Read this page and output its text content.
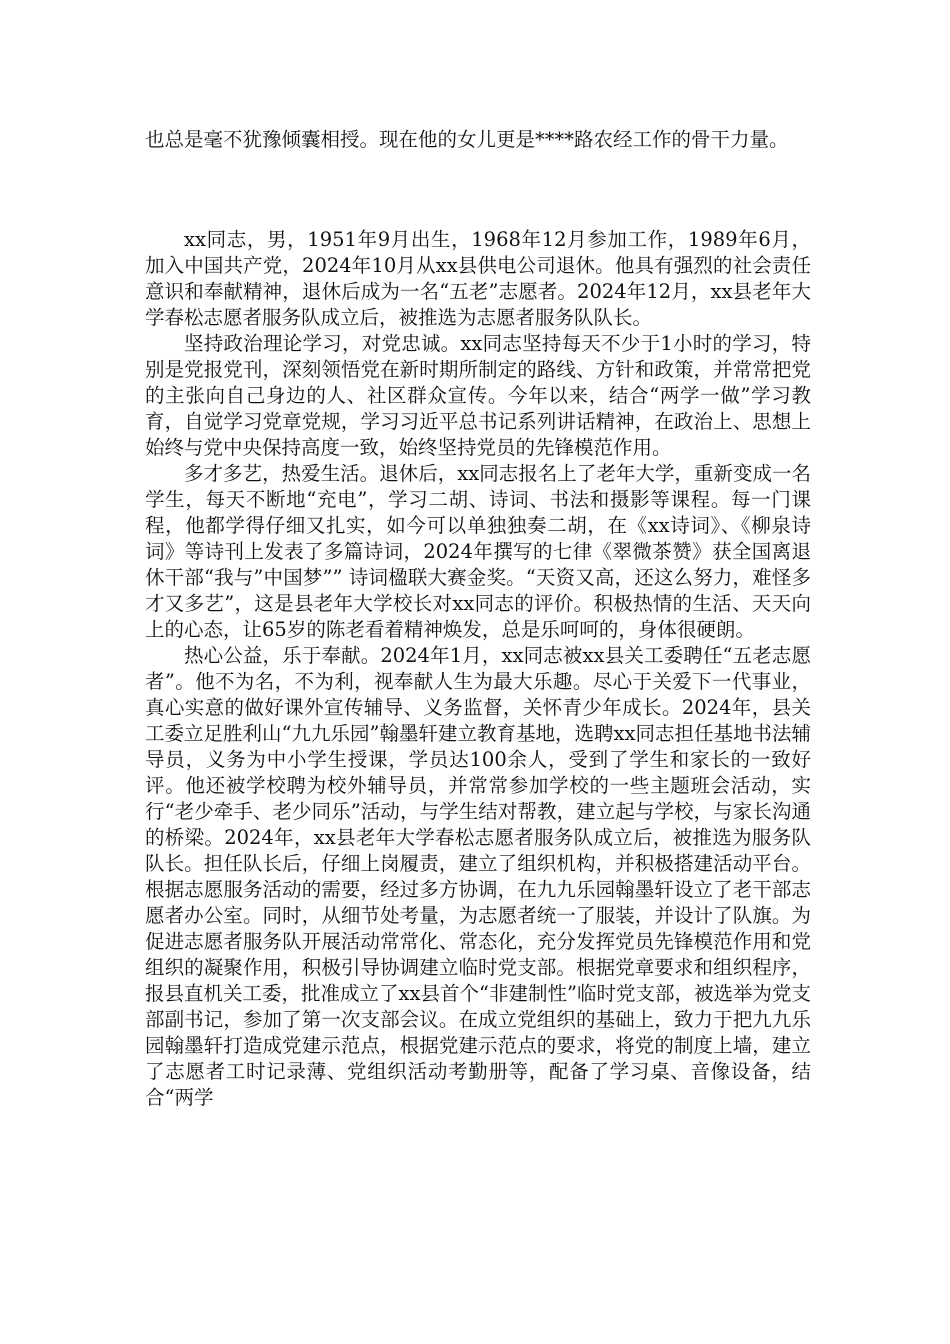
也总是毫不犹豫倾囊相授。现在他的女儿更是****路农经工作的骨干力量。

xx同志，男，1951年9月出生，1968年12月参加工作，1989年6月，加入中国共产党，2024年10月从xx县供电公司退休。他具有强烈的社会责任意识和奉献精神，退休后成为一名“五老”志愿者。2024年12月，xx县老年大学春松志愿者服务队成立后，被推选为志愿者服务队队长。

坚持政治理论学习，对党忠诚。xx同志坚持每天不少于1小时的学习，特别是党报党刊，深刻领悟党在新时期所制定的路线、方针和政策，并常常把党的主张向自己身边的人、社区群众宣传。今年以来，结合“两学一做”学习教育，自觉学习党章党规，学习习近平总书记系列讲话精神，在政治上、思想上始终与党中央保持高度一致，始终坚持党员的先锋模范作用。

多才多艺，热爱生活。退休后，xx同志报名上了老年大学，重新变成一名学生，每天不断地“充电”，学习二胡、诗词、书法和摄影等课程。每一门课程，他都学得仔细又扎实，如今可以单独独奏二胡，在《xx诗词》、《柳泉诗词》等诗刊上发表了多篇诗词，2024年撰写的七律《翠微茶赞》获全国离退休干部“我与”中国梦”” 诗词楹联大赛金奖。“天资又高，还这么努力，难怪多才又多艺”，这是县老年大学校长对xx同志的评价。积极热情的生活、天天向上的心态，让65岁的陈老看着精神焕发，总是乐呵呵的，身体很硬朗。

热心公益，乐于奉献。2024年1月，xx同志被xx县关工委聘任“五老志愿者”。他不为名，不为利，视奉献人生为最大乐趣。尽心于关爱下一代事业，真心实意的做好课外宣传辅导、义务监督，关怀青少年成长。2024年，县关工委立足胜利山“九九乐园”翰墨轩建立教育基地，选聘xx同志担任基地书法辅导员，义务为中小学生授课，学员达100余人，受到了学生和家长的一致好评。他还被学校聘为校外辅导员，并常常参加学校的一些主题班会活动，实行“老少牵手、老少同乐”活动，与学生结对帮教，建立起与学校，与家长沟通的桥梁。2024年，xx县老年大学春松志愿者服务队成立后，被推选为服务队队长。担任队长后，仔细上岗履责，建立了组织机构，并积极搭建活动平台。根据志愿服务活动的需要，经过多方协调，在九九乐园翰墨轩设立了老干部志愿者办公室。同时，从细节处考量，为志愿者统一了服装，并设计了队旗。为促进志愿者服务队开展活动常常化、常态化，充分发挥党员先锋模范作用和党组织的凝聚作用，积极引导协调建立临时党支部。根据党章要求和组织程序，报县直机关工委，批准成立了xx县首个“非建制性”临时党支部，被选举为党支部副书记，参加了第一次支部会议。在成立党组织的基础上，致力于把九九乐园翰墨轩打造成党建示范点，根据党建示范点的要求，将党的制度上墙，建立了志愿者工时记录薄、党组织活动考勤册等，配备了学习桌、音像设备，结合“两学
